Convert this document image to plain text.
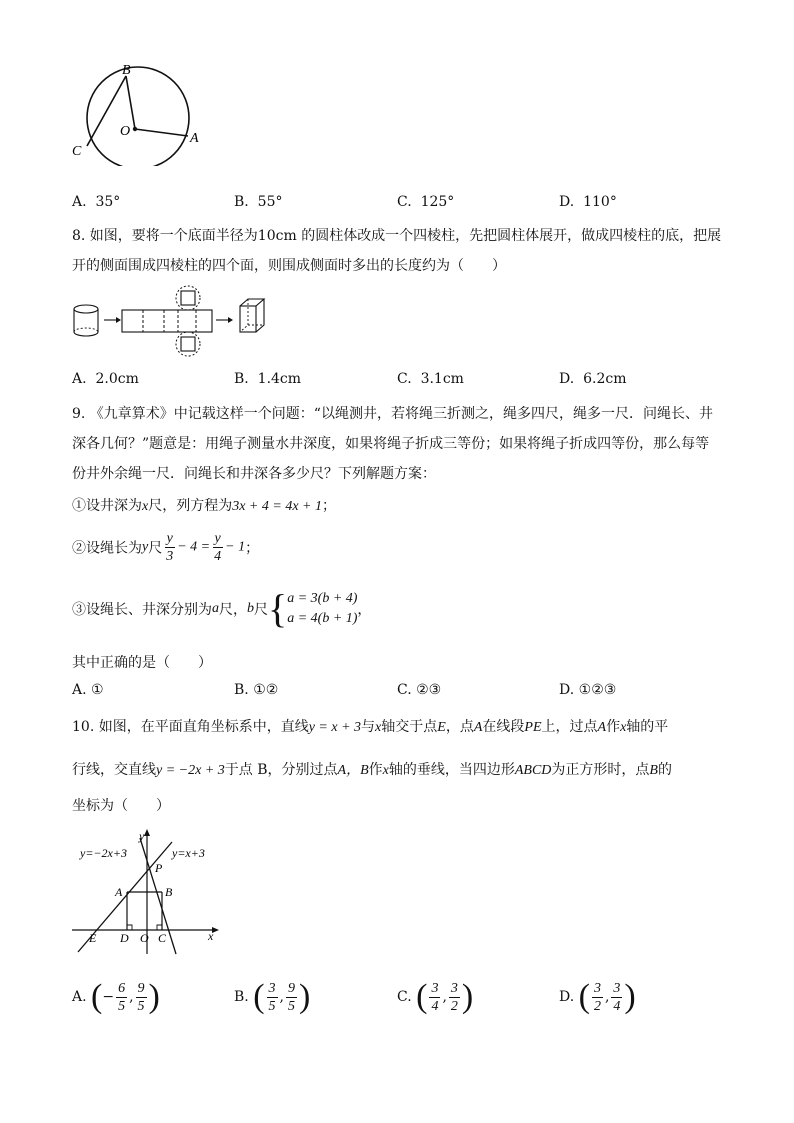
B
O
C
A
A. 35°	B. 55°	C. 125°	D. 110°
8. 如图，要将一个底面半径为10cm 的圆柱体改成一个四棱柱，先把圆柱体展开，做成四棱柱的底，把展
开的侧面围成四棱柱的四个面，则围成侧面时多出的长度约为（　　）
A. 2.0cm	B. 1.4cm	C. 3.1cm	D. 6.2cm
9. 《九章算术》中记载这样一个问题：“以绳测井，若将绳三折测之，绳多四尺，绳多一尺．问绳长、井
深各几何？”题意是：用绳子测量水井深度，如果将绳子折成三等份；如果将绳子折成四等份，那么每等
份井外余绳一尺．问绳长和井深各多少尺？下列解题方案：
①设井深为x尺，列方程为3x + 4 = 4x + 1；
②设绳长为y尺 $\frac{y}{3} - 4 = \frac{y}{4} - 1$；
③设绳长、井深分别为a尺，b尺 { a = 3(b + 4)
a = 4(b + 1)
，
其中正确的是（　　）
A. ①	B. ①②	C. ②③	D. ①②③
10. 如图，在平面直角坐标系中，直线y = x + 3与x轴交于点E，点A在线段PE上，过点A作x轴的平
行线，交直线y = −2x + 3于点 B，分别过点A，B作x轴的垂线，当四边形ABCD为正方形时，点B的
坐标为（　　）
y=−2x+3	y=x+3
y
x
P
A	B
E D O C
A. (− $\frac{6}{5}$ , $\frac{9}{5}$ )	B. ( $\frac{3}{5}$ , $\frac{9}{5}$ )	C. ( $\frac{3}{4}$ , $\frac{3}{2}$ )	D. ( $\frac{3}{2}$ , $\frac{3}{4}$ )
